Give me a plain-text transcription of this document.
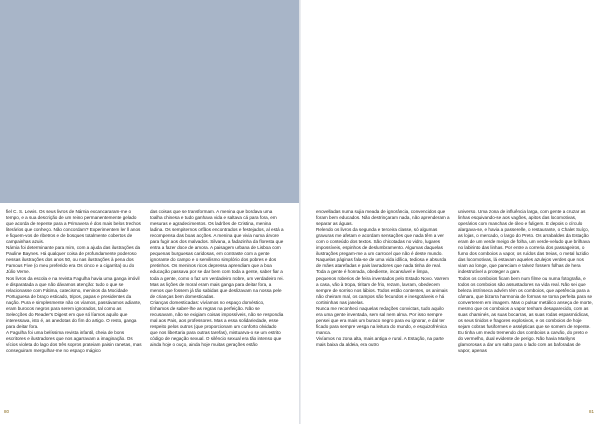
fiel C. S. Lewis. Os seus livros de Nárnia excancararam-me o tempo, e a sua descrição de um reino permanentemente gelado que acorda de repente para a Primavera é dos mais belos trechos literários que conheço. Não concordam? Experimentem ler ll anos e fiquem-vos de ribetros e de bosques totalmente cobertos de campainhas azuis.

Nárnia foi determinante para mim, com a ajuda das ilustrações da Pauline Baynes. Há qualquer coisa de profundamente poderoso nessas ilustrações dos anos 50, ou nas ilustrações à pena dos Famous Five (o meu preferido era Os cinco e a cigarrita) ou do Júlio Verne.

Nos livros da escola e na revista Fagulha havia uma ganga imóvil e disparatada a que não dávamos atenção: tudo o que se relacionasse com Fátima, catecismo, meninos da Mocidade Portuguesa de braço esticado, tripos, papas e presidentes da nação. Pura e simplesmente não os víamos, passávamos adiante, eram burocos negros para serem ignorados, tal como as Selecções do Reader's Digest em que só líamos aquilo que interessava, isto é, as anedotas do fim do artigo. O resto, ganga para deitar fora.

A Fagulha foi uma belíssima revista infantil, cheia de bons escritores e ilustradores que nos agarravam a imaginação. Os vícios violeta do lago dos três sopros prateiam paisin ranetas, mas conseguiram mergulhar-me no espaço mágico

das coisas que se transformam. A menina que bordava uma toalha chinesa e tudo ganhava vida e saltava cá para fora, em mesuras e agradecimentos. Os ladrões de Cristina, menina ladina. Os sempiternos orfãos encontrados e festejados, al está a recompensa das boas acções. A menina que vivia numa árvore para fugir aos dos malvados. Silvana, a fadazinha da floresta que entra a fazer doce de amora. A paisagem urbana de Lisboa com pequenas burguesas caridosas, em contraste com a gente ignorante do campo e o servilismo simplório dos pobres e dos pretinhos. Os meninos ricos depressa aprendiam que a boa educação passava por se dar bem com toda a gente, saber fiar a toda a gente, como o faz um verdadeiro nobre, um verdadeiro rei.

Mas as lições de moral eram mais ganga para deitar fora, a menos que fossem já tão sabidas que deslizavam na nossa pele de crianças bem domesticadas.

Crianças domesticadas: vivíamos no espaço doméstico, tínhamos de saber-lhe as regras na perfeição. Não se recusavam, não se exigiam coisas impossíveis, não se respondia mal aos Pais, aos professores. Mas a essa solidariedade, esse respeito pelos outros (que proporcionam um conforto olvidado que nos libertaria para outras tarefas), mistuarva-o se um estrito código de negação sexual. O silêncio sexual era tão intenso que ainda hoje o ouço, ainda hoje muitas gerações estão

enovelladas numa sujia meada de ignorância, convencidos que foram bem educados. Não destrinçaram nada, não aprenderam a separar as águas.

Relendo os livros da segunda e terceira classe, só algumas gravuras me afetam e acordam sensações que nada têm a ver com o conteúdo dos textos. São chicotadas no vidro, lugares impossíveis, espinhos de deslumbramento. Algumas daquelas ilustrações pregam-me a um carrocel que não é deste mundo. Naquelas páginas fala-se de uma vida idílica, tediosa e absurda de mães atarefadas e pais lavradores que nada tinha de real. Toda a gente é honrada, obediente, incansável e limpa, pequenos roberios de feira inventados pelo Estado Novo. Varrem a casa, vão à tropa, tiritam de frio, rezam, lavram, obedecem sempre de sorriso nos lábios. Todos estão contentes, os animais não cheiram mal, os campos são fecundos e inesgotáveis e há cortininhas nas janelas.

Nunca me reconheci naquelas redações convictas, tudo aquilo era uma gente inventada, sem sal nem alma. Por isso sempre pensei que era mais um buraco negro para eu ignorar, e dal ter ficado para sempre vesga na leitura do mundo, e esquizofrénica manca.

Vivíamos no zona alta, mais antiga e rural. A Estação, na parte mais baixa da aldeia, era outro

universo. Uma zona de influência larga, com gente a cruzar as linhas esquivando-se aos vagões, apitos das locomotivas, operários com manchas de óleo e fuligem. E depois o círculo alargava-se, e havia a passerelle, o restaurante, o Chalet Suíço, as lojas, o mercado, o largo do Preto. Os arrabaldes da Estação eram de um verde meigo de folha, um verde-veludo que brilhava no labirinto das linhas. Por entre a correria dos passageiros, o fumo dos comboios a vapor, os ruídos das treias, o metal luzidio das locomotivas, lá estavam aqueles azulejos verdes que nos viam ao longe, que pareciam e talvez fossem folhas de hera indestrutível a proteger a gare.

Todos os comboios ficam bem num filme ou numa fotografia, e todos os comboios são assustadores na vida real. Não sei que beleza intrínseca advém tém os comboios, que apetência para a câmara, que bizarra harmonia de formas se torna perfeita para se converterem em imagem. Mas o pulsar metálico anseça de morte, mesmo que os comboios a vapor tenham desaparecido, com as suas chaminés, as suas bocarras, as suas rodas espasmódicas, os seus tinidos e fragores explosivos, e os comboios de hoje sejam cobras fusiformes e assépticas que se somem de repente.

Eu tinha um medo tremendo dos comboios a carvão, do preto e do vermelho, dual evidente de perigo. Não havia Marilyns glamorosas a dar um salto para o lado com as baforadas de vapor, apenas

80	81
